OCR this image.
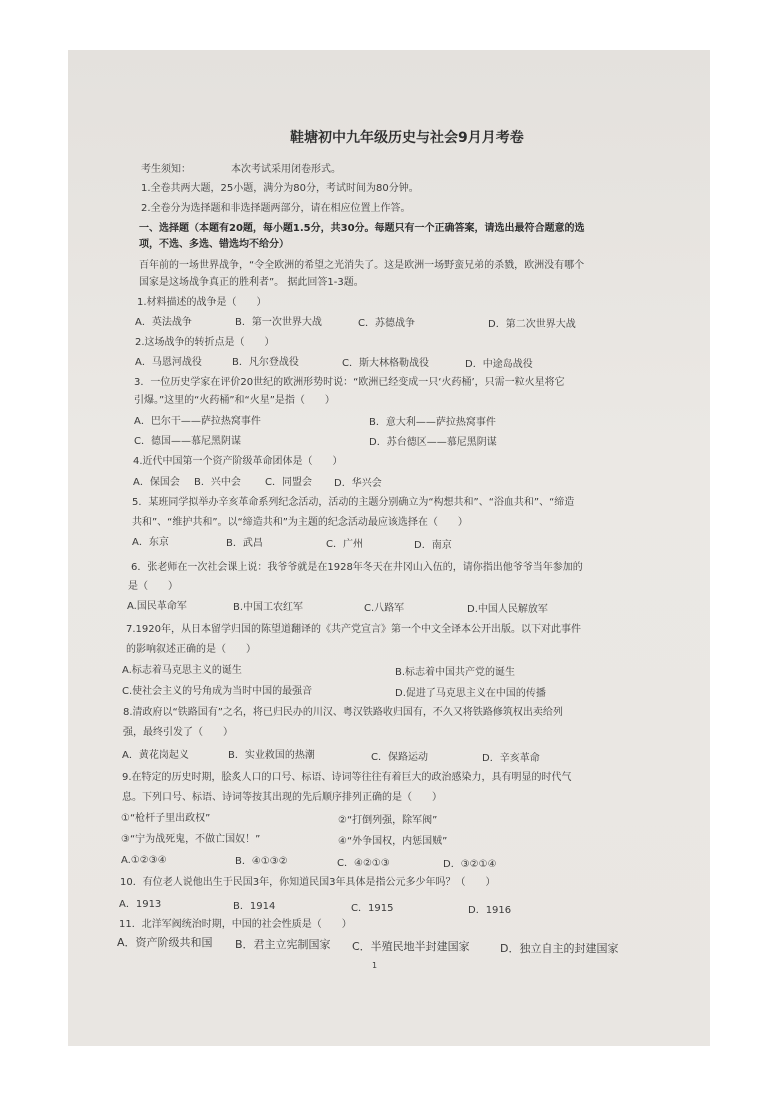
鞋塘初中九年级历史与社会9月月考卷
考生须知：	本次考试采用闭卷形式。
1.全卷共两大题，25小题，满分为80分，考试时间为80分钟。
2.全卷分为选择题和非选择题两部分，请在相应位置上作答。
一、选择题（本题有20题，每小题1.5分，共30分。每题只有一个正确答案，请选出最符合题意的选
项，不选、多选、错选均不给分）
百年前的一场世界战争，“令全欧洲的希望之光消失了。这是欧洲一场野蛮兄弟的杀戮，欧洲没有哪个
国家是这场战争真正的胜利者”。 据此回答1-3题。
1.材料描述的战争是（　　）
A．英法战争	B．第一次世界大战	C．苏德战争	D．第二次世界大战
2.这场战争的转折点是（　　）
A．马恩河战役	B．凡尔登战役	C．斯大林格勒战役	D．中途岛战役
3．一位历史学家在评价20世纪的欧洲形势时说：“欧洲已经变成一只‘火药桶’，只需一粒火星将它
引爆。”这里的“火药桶”和“火星”是指（　　）
A．巴尔干——萨拉热窝事件	B．意大利——萨拉热窝事件
C．德国——慕尼黑阴谋	D．苏台德区——慕尼黑阴谋
4.近代中国第一个资产阶级革命团体是（　　）
A．保国会 B．兴中会 C．同盟会 D．华兴会
5．某班同学拟举办辛亥革命系列纪念活动，活动的主题分别确立为“构想共和”、“浴血共和”、“缔造
共和”、“维护共和”。以“缔造共和”为主题的纪念活动最应该选择在（　　）
A．东京	B．武昌	C．广州	D．南京
6．张老师在一次社会课上说：我爷爷就是在1928年冬天在井冈山入伍的，请你指出他爷爷当年参加的
是（　　）
A.国民革命军	B.中国工农红军	C.八路军	D.中国人民解放军
7.1920年，从日本留学归国的陈望道翻译的《共产党宣言》第一个中文全译本公开出版。以下对此事件
的影响叙述正确的是（　　）
A.标志着马克思主义的诞生	B.标志着中国共产党的诞生
C.使社会主义的号角成为当时中国的最强音	D.促进了马克思主义在中国的传播
8.清政府以“铁路国有”之名，将已归民办的川汉、粤汉铁路收归国有，不久又将铁路修筑权出卖给列
强，最终引发了（　　）
A．黄花岗起义	B．实业救国的热潮	C．保路运动	D．辛亥革命
9.在特定的历史时期，脍炙人口的口号、标语、诗词等往往有着巨大的政治感染力，具有明显的时代气
息。下列口号、标语、诗词等按其出现的先后顺序排列正确的是（　　）
①“枪杆子里出政权”	②“打倒列强，除军阀”
③“宁为战死鬼，不做亡国奴！”	④“外争国权，内惩国贼”
A.①②③④	B．④①③②	C．④②①③	D．③②①④
10．有位老人说他出生于民国3年，你知道民国3年具体是指公元多少年吗？（　　）
A．1913	B．1914	C．1915	D．1916
11．北洋军阀统治时期，中国的社会性质是（　　）
A．资产阶级共和国 B．君主立宪制国家 C．半殖民地半封建国家	D．独立自主的封建国家
1
